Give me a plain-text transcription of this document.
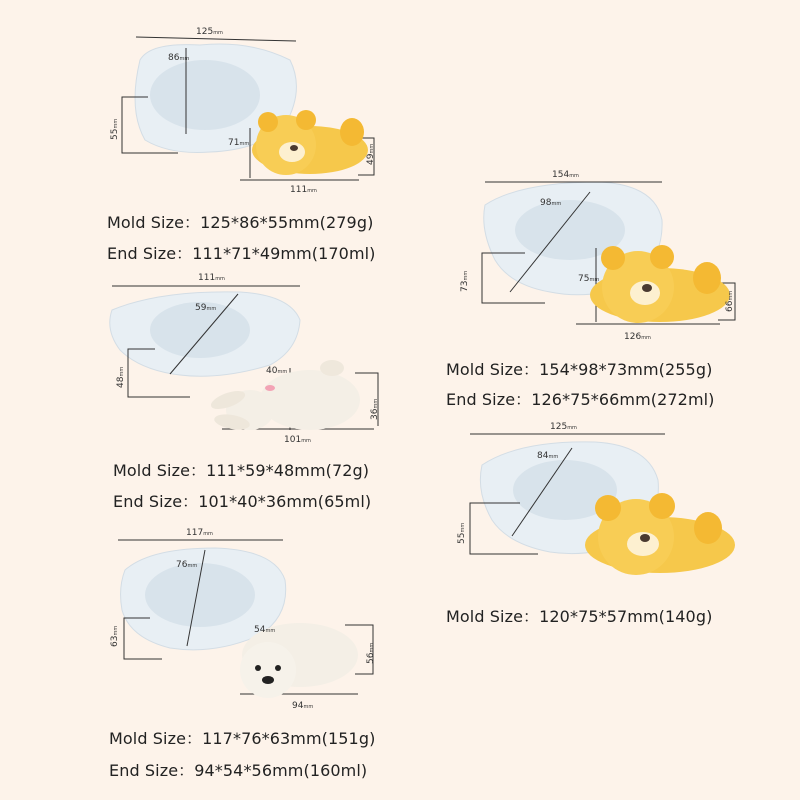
125mm
86mm
55mm
71mm
49mm
111mm
Mold Size：125*86*55mm(279g)
End Size：111*71*49mm(170ml)
111mm
59mm
48mm	40mm
36mm
101mm
Mold Size：111*59*48mm(72g)
End Size：101*40*36mm(65ml)
117mm
76mm
63mm	54mm
56mm
94mm
Mold Size：117*76*63mm(151g)
End Size：94*54*56mm(160ml)
154mm
98mm
73mm	75mm
66mm
126mm
Mold Size：154*98*73mm(255g)
End Size：126*75*66mm(272ml)
125mm
84mm
55mm
Mold Size：120*75*57mm(140g)
